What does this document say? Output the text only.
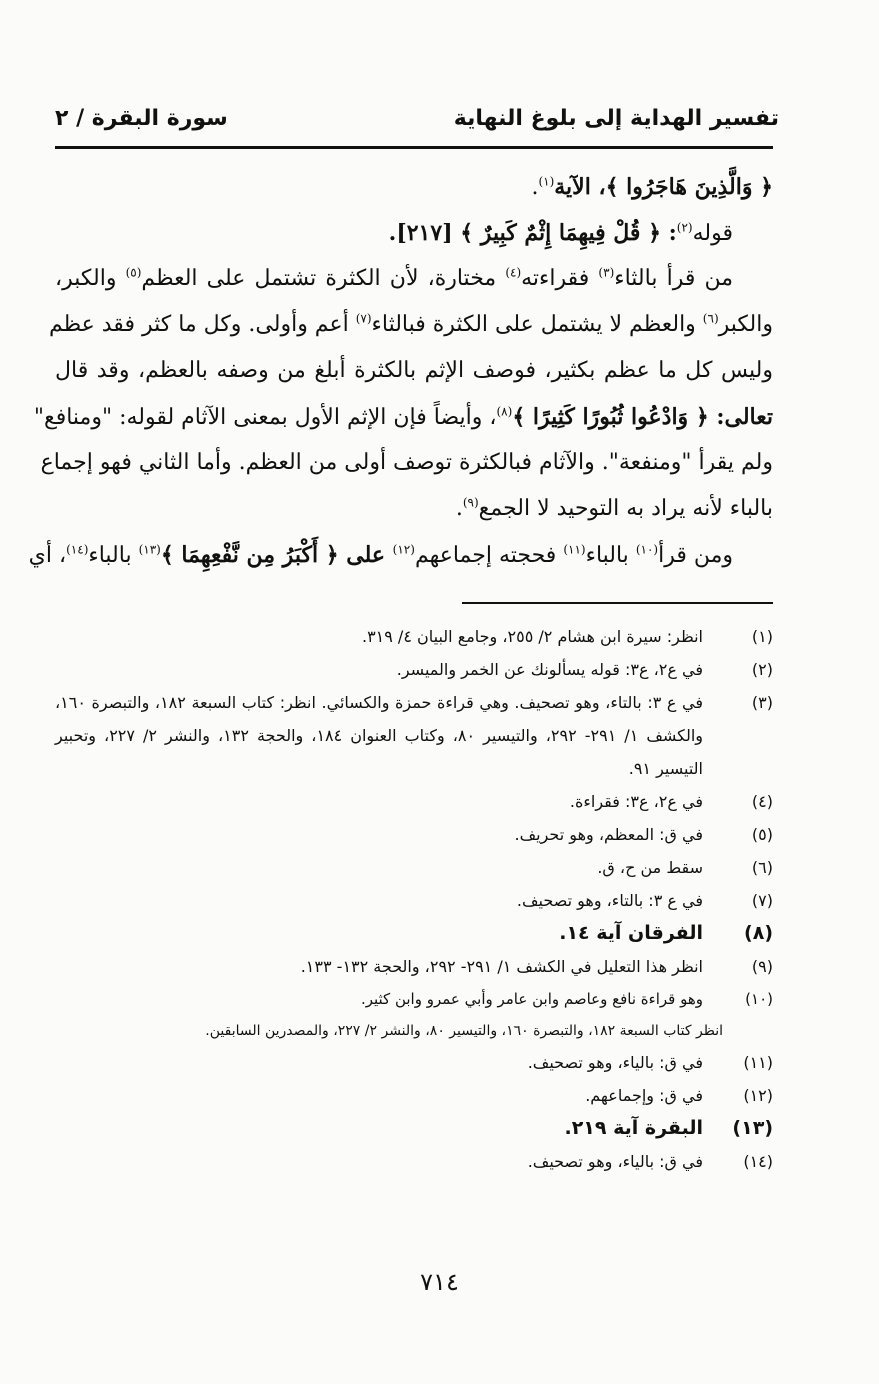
تفسير الهداية إلى بلوغ النهاية
سورة البقرة / ٢
﴿ وَالَّذِينَ هَاجَرُوا ﴾، الآية$^{(١)}$.
قوله$^{(٢)}$: ﴿ قُلْ فِيهِمَا إِثْمٌ كَبِيرٌ ﴾ [٢١٧].
من قرأ بالثاء$^{(٣)}$ فقراءته$^{(٤)}$ مختارة، لأن الكثرة تشتمل على العظم$^{(٥)}$ والكبر،
والكبر$^{(٦)}$ والعظم لا يشتمل على الكثرة فبالثاء$^{(٧)}$ أعم وأولى. وكل ما كثر فقد عظم
وليس كل ما عظم بكثير، فوصف الإثم بالكثرة أبلغ من وصفه بالعظم، وقد قال
تعالى: ﴿ وَادْعُوا ثُبُورًا كَثِيرًا ﴾$^{(٨)}$، وأيضاً فإن الإثم الأول بمعنى الآثام لقوله: "ومنافع"
ولم يقرأ "ومنفعة". والآثام فبالكثرة توصف أولى من العظم. وأما الثاني فهو إجماع
بالباء لأنه يراد به التوحيد لا الجمع$^{(٩)}$.
ومن قرأ$^{(١٠)}$ بالباء$^{(١١)}$ فحجته إجماعهم$^{(١٢)}$ على ﴿ أَكْبَرُ مِن نَّفْعِهِمَا ﴾$^{(١٣)}$ بالباء$^{(١٤)}$، أي
(١)
انظر: سيرة ابن هشام ٢/ ٢٥٥، وجامع البيان ٤/ ٣١٩.
(٢)
في ع٢، ع٣: قوله يسألونك عن الخمر والميسر.
(٣)
في ع ٣: بالتاء، وهو تصحيف. وهي قراءة حمزة والكسائي. انظر: كتاب السبعة ١٨٢، والتبصرة ١٦٠، والكشف ١/ ٢٩١- ٢٩٢، والتيسير ٨٠، وكتاب العنوان ١٨٤، والحجة ١٣٢، والنشر ٢/ ٢٢٧، وتحبير التيسير ٩١.
(٤)
في ع٢، ع٣: فقراءة.
(٥)
في ق: المعظم، وهو تحريف.
(٦)
سقط من ح، ق.
(٧)
في ع ٣: بالتاء، وهو تصحيف.
(٨)
الفرقان آية ١٤.
(٩)
انظر هذا التعليل في الكشف ١/ ٢٩١- ٢٩٢، والحجة ١٣٢- ١٣٣.
(١٠)
وهو قراءة نافع وعاصم وابن عامر وأبي عمرو وابن كثير.
انظر كتاب السبعة ١٨٢، والتبصرة ١٦٠، والتيسير ٨٠، والنشر ٢/ ٢٢٧، والمصدرين السابقين.
(١١)
في ق: بالياء، وهو تصحيف.
(١٢)
في ق: وإجماعهم.
(١٣)
البقرة آية ٢١٩.
(١٤)
في ق: بالياء، وهو تصحيف.
٧١٤
